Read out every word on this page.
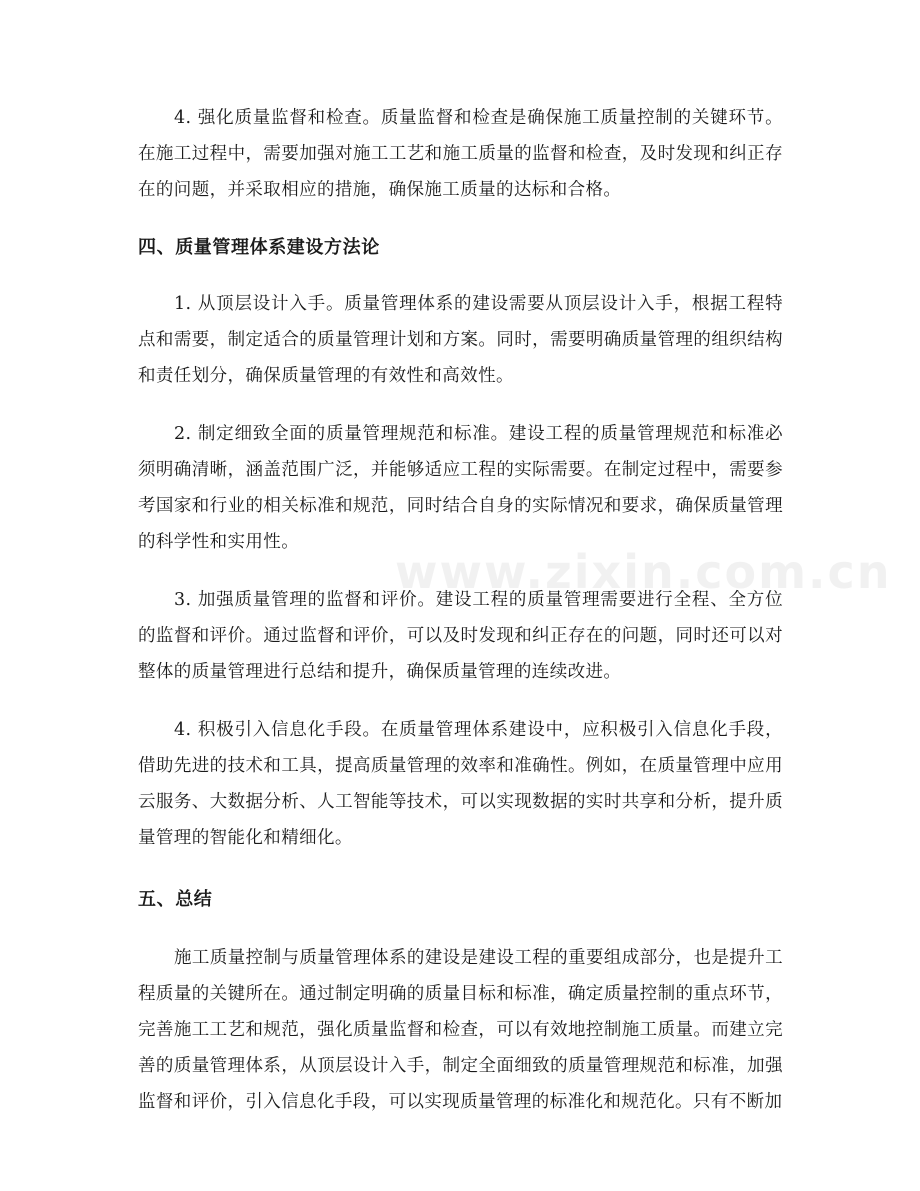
4. 强化质量监督和检查。质量监督和检查是确保施工质量控制的关键环节。在施工过程中，需要加强对施工工艺和施工质量的监督和检查，及时发现和纠正存在的问题，并采取相应的措施，确保施工质量的达标和合格。

四、质量管理体系建设方法论

1. 从顶层设计入手。质量管理体系的建设需要从顶层设计入手，根据工程特点和需要，制定适合的质量管理计划和方案。同时，需要明确质量管理的组织结构和责任划分，确保质量管理的有效性和高效性。

2. 制定细致全面的质量管理规范和标准。建设工程的质量管理规范和标准必须明确清晰，涵盖范围广泛，并能够适应工程的实际需要。在制定过程中，需要参考国家和行业的相关标准和规范，同时结合自身的实际情况和要求，确保质量管理的科学性和实用性。

3. 加强质量管理的监督和评价。建设工程的质量管理需要进行全程、全方位的监督和评价。通过监督和评价，可以及时发现和纠正存在的问题，同时还可以对整体的质量管理进行总结和提升，确保质量管理的连续改进。

4. 积极引入信息化手段。在质量管理体系建设中，应积极引入信息化手段，借助先进的技术和工具，提高质量管理的效率和准确性。例如，在质量管理中应用云服务、大数据分析、人工智能等技术，可以实现数据的实时共享和分析，提升质量管理的智能化和精细化。

五、总结

施工质量控制与质量管理体系的建设是建设工程的重要组成部分，也是提升工程质量的关键所在。通过制定明确的质量目标和标准，确定质量控制的重点环节，完善施工工艺和规范，强化质量监督和检查，可以有效地控制施工质量。而建立完善的质量管理体系，从顶层设计入手，制定全面细致的质量管理规范和标准，加强监督和评价，引入信息化手段，可以实现质量管理的标准化和规范化。只有不断加

www.zixin.com.cn
